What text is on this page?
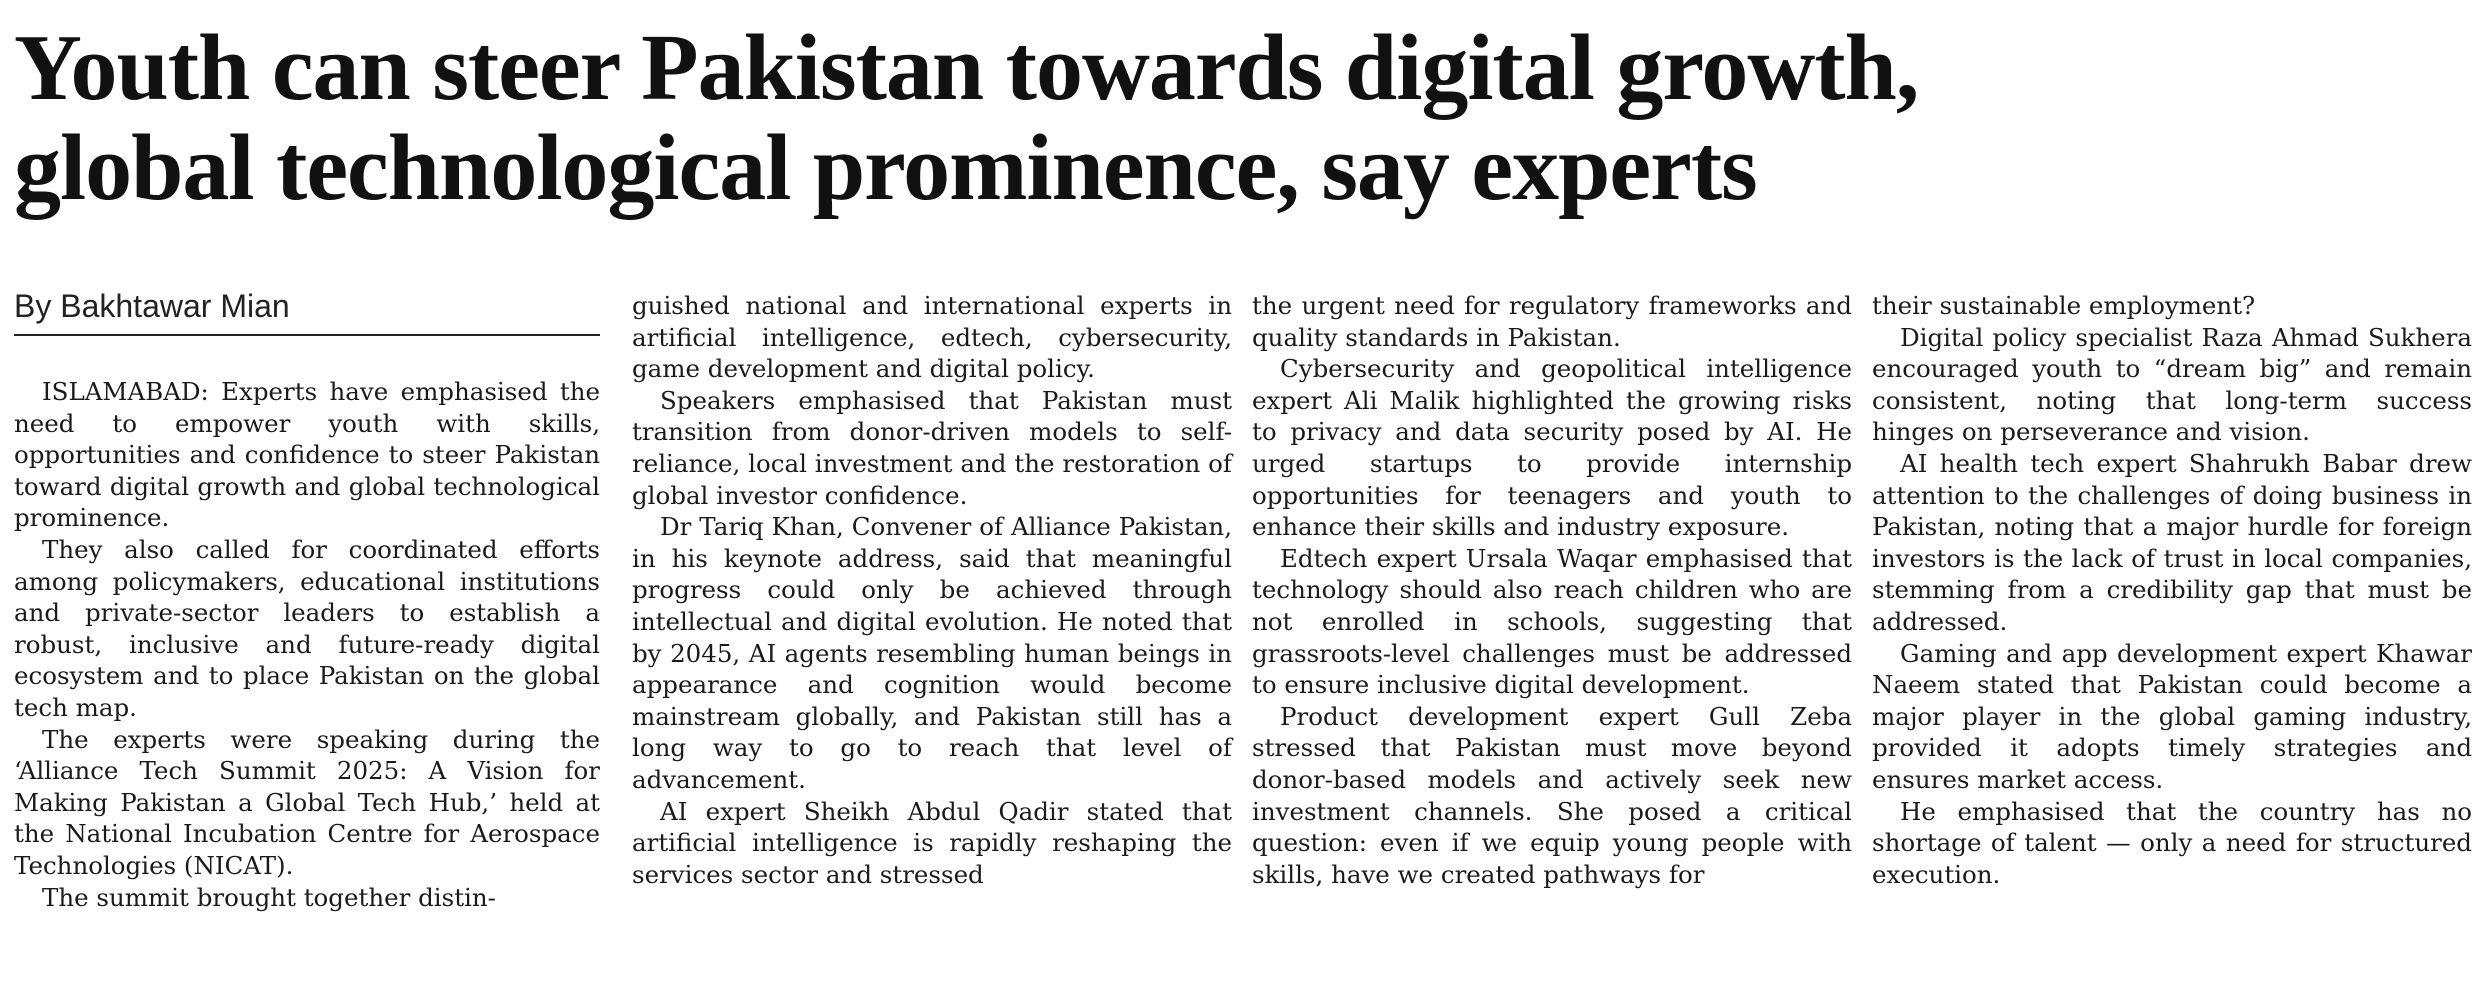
Youth can steer Pakistan towards digital growth,
global technological prominence, say experts
By Bakhtawar Mian

ISLAMABAD: Experts have emphasised the need to empower youth with skills, opportunities and confidence to steer Pakistan toward digital growth and global technological prominence.

They also called for coordinated efforts among policymakers, educational institutions and private-sector leaders to establish a robust, inclusive and future-ready digital ecosystem and to place Pakistan on the global tech map.

The experts were speaking during the ‘Alliance Tech Summit 2025: A Vision for Making Pakistan a Global Tech Hub,’ held at the National Incubation Centre for Aerospace Technologies (NICAT).

The summit brought together distin-

guished national and international experts in artificial intelligence, edtech, cybersecurity, game development and digital policy.

Speakers emphasised that Pakistan must transition from donor-driven models to self-reliance, local investment and the restoration of global investor confidence.

Dr Tariq Khan, Convener of Alliance Pakistan, in his keynote address, said that meaningful progress could only be achieved through intellectual and digital evolution. He noted that by 2045, AI agents resembling human beings in appearance and cognition would become mainstream globally, and Pakistan still has a long way to go to reach that level of advancement.

AI expert Sheikh Abdul Qadir stated that artificial intelligence is rapidly reshaping the services sector and stressed

the urgent need for regulatory frameworks and quality standards in Pakistan.

Cybersecurity and geopolitical intelligence expert Ali Malik highlighted the growing risks to privacy and data security posed by AI. He urged startups to provide internship opportunities for teenagers and youth to enhance their skills and industry exposure.

Edtech expert Ursala Waqar emphasised that technology should also reach children who are not enrolled in schools, suggesting that grassroots-level challenges must be addressed to ensure inclusive digital development.

Product development expert Gull Zeba stressed that Pakistan must move beyond donor-based models and actively seek new investment channels. She posed a critical question: even if we equip young people with skills, have we created pathways for

their sustainable employment?

Digital policy specialist Raza Ahmad Sukhera encouraged youth to “dream big” and remain consistent, noting that long-term success hinges on perseverance and vision.

AI health tech expert Shahrukh Babar drew attention to the challenges of doing business in Pakistan, noting that a major hurdle for foreign investors is the lack of trust in local companies, stemming from a credibility gap that must be addressed.

Gaming and app development expert Khawar Naeem stated that Pakistan could become a major player in the global gaming industry, provided it adopts timely strategies and ensures market access.

He emphasised that the country has no shortage of talent — only a need for structured execution.
